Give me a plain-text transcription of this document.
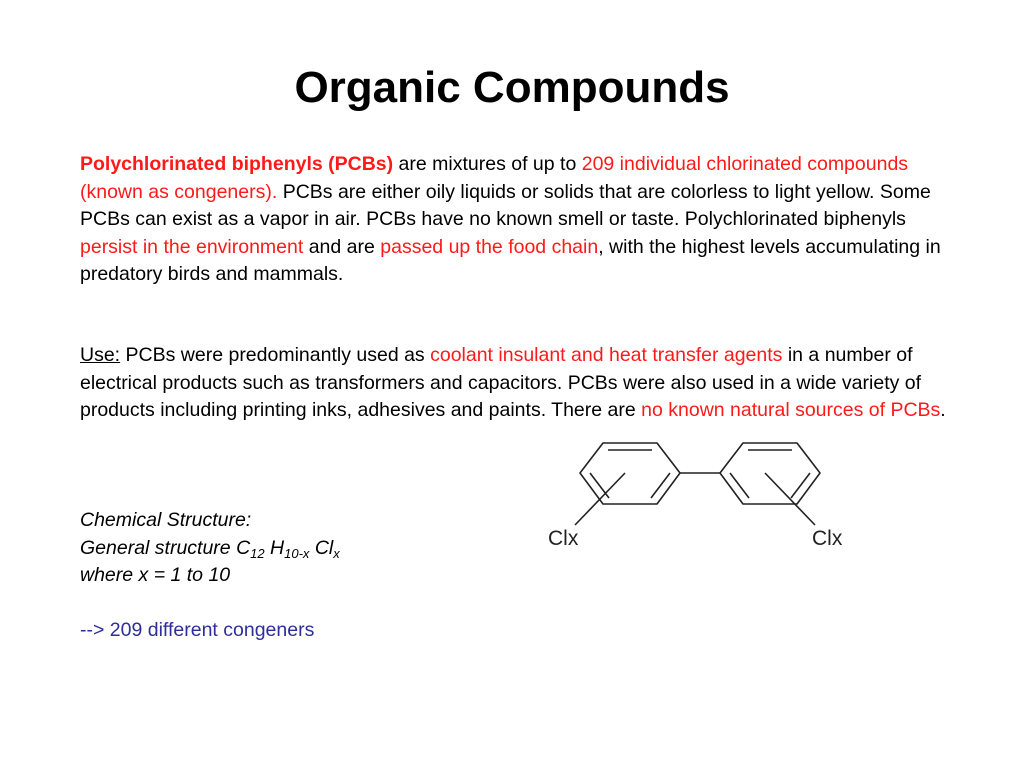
Organic Compounds
Polychlorinated biphenyls (PCBs) are mixtures of up to 209 individual chlorinated compounds (known as congeners). PCBs are either oily liquids or solids that are colorless to light yellow. Some PCBs can exist as a vapor in air. PCBs have no known smell or taste. Polychlorinated biphenyls persist in the environment and are passed up the food chain, with the highest levels accumulating in predatory birds and mammals.
Use: PCBs were predominantly used as coolant insulant and heat transfer agents in a number of electrical products such as transformers and capacitors. PCBs were also used in a wide variety of products including printing inks, adhesives and paints. There are no known natural sources of PCBs.
Chemical Structure:
General structure $C_{12}$ $H_{10-x}$ $Cl_x$
where x = 1 to 10
--> 209 different congeners
Clx	Clx
